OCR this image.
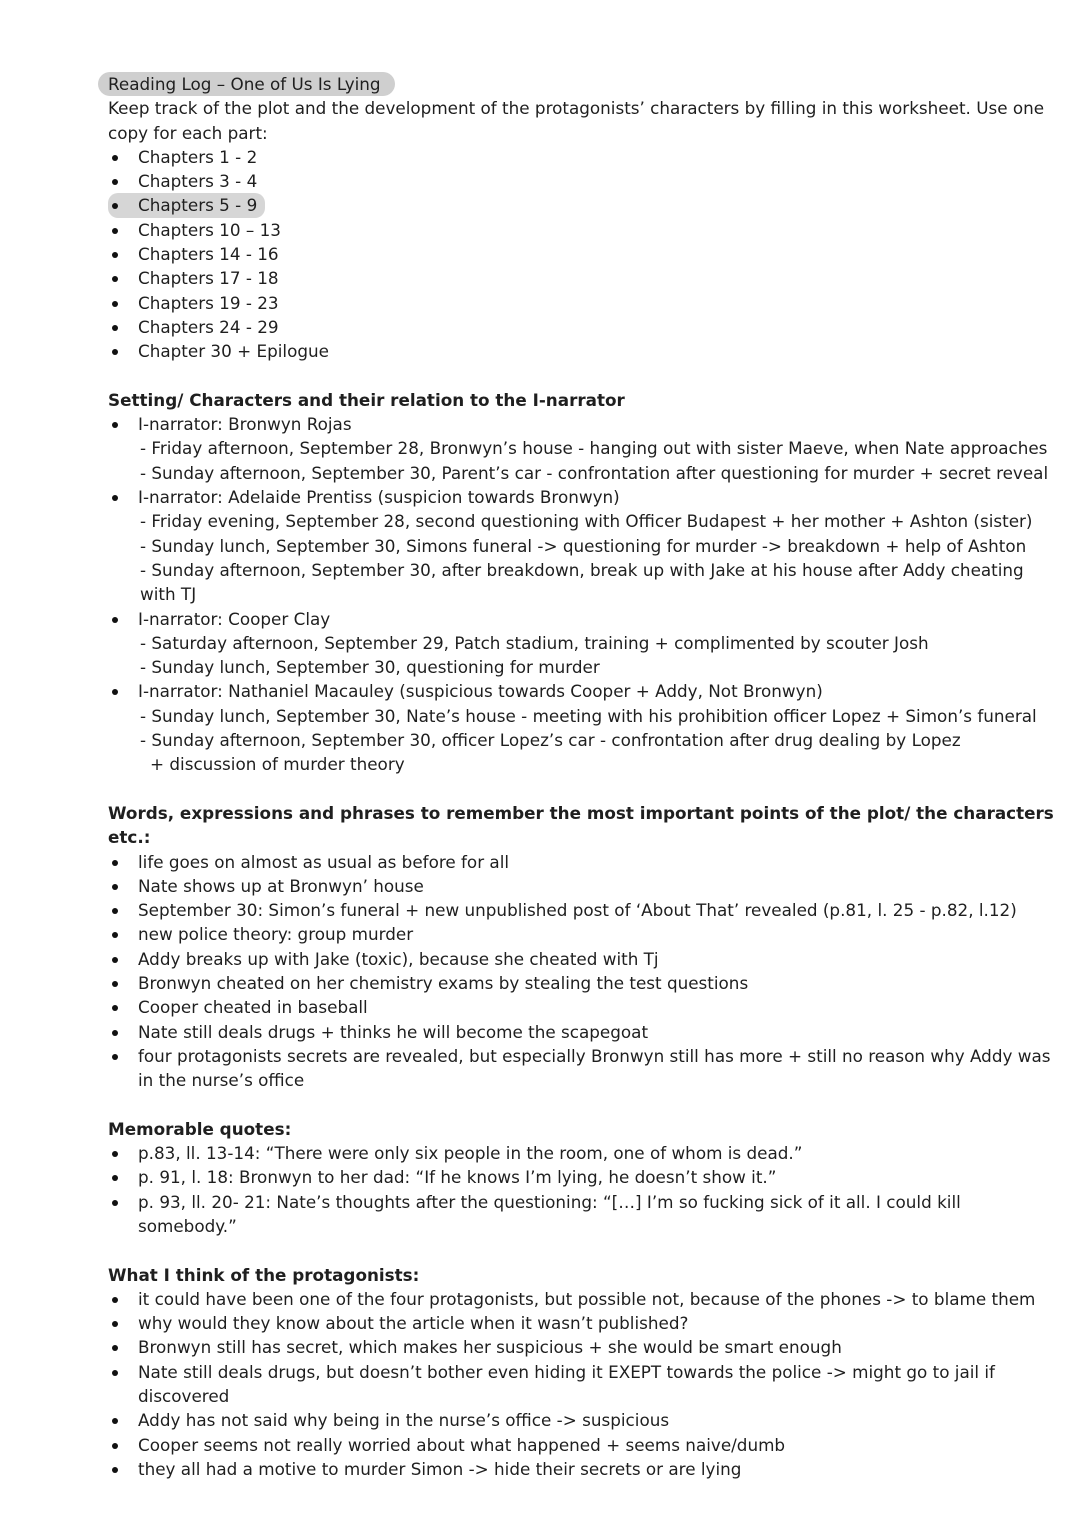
Reading Log – One of Us Is Lying

Keep track of the plot and the development of the protagonists’ characters by filling in this worksheet. Use one copy for each part:

Chapters 1 - 2
Chapters 3 - 4
Chapters 5 - 9
Chapters 10 – 13
Chapters 14 - 16
Chapters 17 - 18
Chapters 19 - 23
Chapters 24 - 29
Chapter 30 + Epilogue
Setting/ Characters and their relation to the I-narrator
I-narrator: Bronwyn Rojas
- Friday afternoon, September 28, Bronwyn’s house - hanging out with sister Maeve, when Nate approaches
- Sunday afternoon, September 30, Parent’s car - confrontation after questioning for murder + secret reveal
I-narrator: Adelaide Prentiss (suspicion towards Bronwyn)
- Friday evening, September 28, second questioning with Officer Budapest + her mother + Ashton (sister)
- Sunday lunch, September 30, Simons funeral -> questioning for murder -> breakdown + help of Ashton
- Sunday afternoon, September 30, after breakdown, break up with Jake at his house after Addy cheating with TJ
I-narrator: Cooper Clay
- Saturday afternoon, September 29, Patch stadium, training + complimented by scouter Josh
- Sunday lunch, September 30, questioning for murder
I-narrator: Nathaniel Macauley (suspicious towards Cooper + Addy, Not Bronwyn)
- Sunday lunch, September 30, Nate’s house - meeting with his prohibition officer Lopez + Simon’s funeral
- Sunday afternoon, September 30, officer Lopez’s car - confrontation after drug dealing by Lopez
+ discussion of murder theory
Words, expressions and phrases to remember the most important points of the plot/ the characters etc.:
life goes on almost as usual as before for all
Nate shows up at Bronwyn’ house
September 30: Simon’s funeral + new unpublished post of ‘About That’ revealed (p.81, l. 25 - p.82, l.12)
new police theory: group murder
Addy breaks up with Jake (toxic), because she cheated with Tj
Bronwyn cheated on her chemistry exams by stealing the test questions
Cooper cheated in baseball
Nate still deals drugs + thinks he will become the scapegoat
four protagonists secrets are revealed, but especially Bronwyn still has more + still no reason why Addy was in the nurse’s office
Memorable quotes:
p.83, ll. 13-14: “There were only six people in the room, one of whom is dead.”
p. 91, l. 18: Bronwyn to her dad: “If he knows I’m lying, he doesn’t show it.”
p. 93, ll. 20- 21: Nate’s thoughts after the questioning: “[…] I’m so fucking sick of it all. I could kill somebody.”
What I think of the protagonists:
it could have been one of the four protagonists, but possible not, because of the phones -> to blame them
why would they know about the article when it wasn’t published?
Bronwyn still has secret, which makes her suspicious + she would be smart enough
Nate still deals drugs, but doesn’t bother even hiding it EXEPT towards the police -> might go to jail if discovered
Addy has not said why being in the nurse’s office -> suspicious
Cooper seems not really worried about what happened + seems naive/dumb
they all had a motive to murder Simon -> hide their secrets or are lying
